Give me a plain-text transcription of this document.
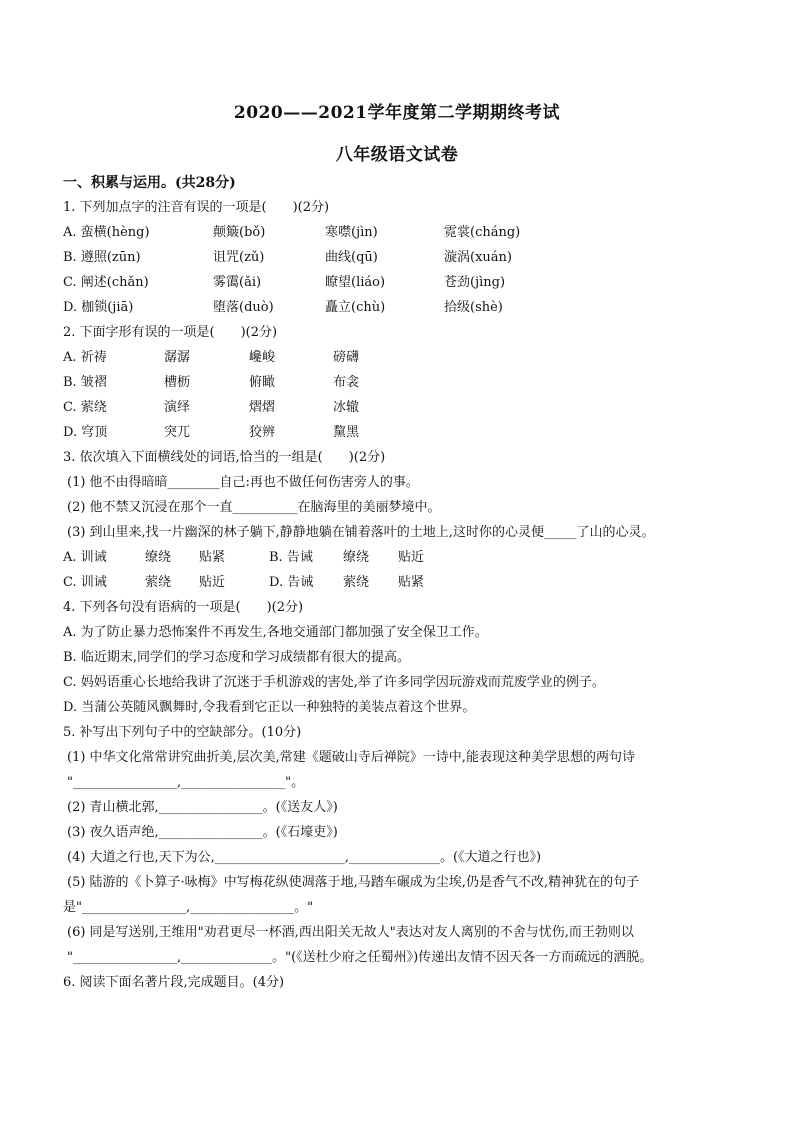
2020——2021学年度第二学期期终考试
八年级语文试卷
一、积累与运用。(共28分)
1. 下列加点字的注音有误的一项是(　　)(2分)
A. 蛮横(hèng)	颠簸(bǒ)	寒噤(jìn)	霓裳(cháng)
B. 遵照(zūn)	诅咒(zǔ)	曲线(qū)	漩涡(xuán)
C. 阐述(chǎn)	雾霭(ǎi)	瞭望(liáo)	苍劲(jìng)
D. 枷锁(jiā)	堕落(duò)	矗立(chù)	拾级(shè)
2. 下面字形有误的一项是(　　)(2分)
A. 祈祷	潺潺	巉峻	磅礴
B. 皱褶	槽枥	俯瞰	布衾
C. 萦绕	演绎	熠熠	冰辙
D. 穹顶	突兀	狡辨	黧黑
3. 依次填入下面横线处的词语,恰当的一组是(　　)(2分)
(1) 他不由得暗暗________自己:再也不做任何伤害旁人的事。
(2) 他不禁又沉浸在那个一直__________在脑海里的美丽梦境中。
(3) 到山里来,找一片幽深的林子躺下,静静地躺在铺着落叶的土地上,这时你的心灵便_____了山的心灵。
A. 训诫	缭绕 贴紧	B. 告诫 缭绕 贴近
C. 训诫	萦绕 贴近	D. 告诫 萦绕 贴紧
4. 下列各句没有语病的一项是(　　)(2分)
A. 为了防止暴力恐怖案件不再发生,各地交通部门都加强了安全保卫工作。
B. 临近期末,同学们的学习态度和学习成绩都有很大的提高。
C. 妈妈语重心长地给我讲了沉迷于手机游戏的害处,举了许多同学因玩游戏而荒废学业的例子。
D. 当蒲公英随风飘舞时,令我看到它正以一种独特的美装点着这个世界。
5. 补写出下列句子中的空缺部分。(10分)
(1) 中华文化常常讲究曲折美,层次美,常建《题破山寺后禅院》一诗中,能表现这种美学思想的两句诗
"________________,________________"。
(2) 青山横北郭,________________。(《送友人》)
(3) 夜久语声绝,________________。(《石壕吏》)
(4) 大道之行也,天下为公,____________________,______________。(《大道之行也》)
(5) 陆游的《卜算子·咏梅》中写梅花纵使凋落于地,马踏车碾成为尘埃,仍是香气不改,精神犹在的句子
是"________________,________________。"
(6) 同是写送别,王维用"劝君更尽一杯酒,西出阳关无故人"表达对友人离别的不舍与忧伤,而王勃则以
"________________,______________。"(《送杜少府之任蜀州》)传递出友情不因天各一方而疏远的洒脱。
6. 阅读下面名著片段,完成题目。(4分)
